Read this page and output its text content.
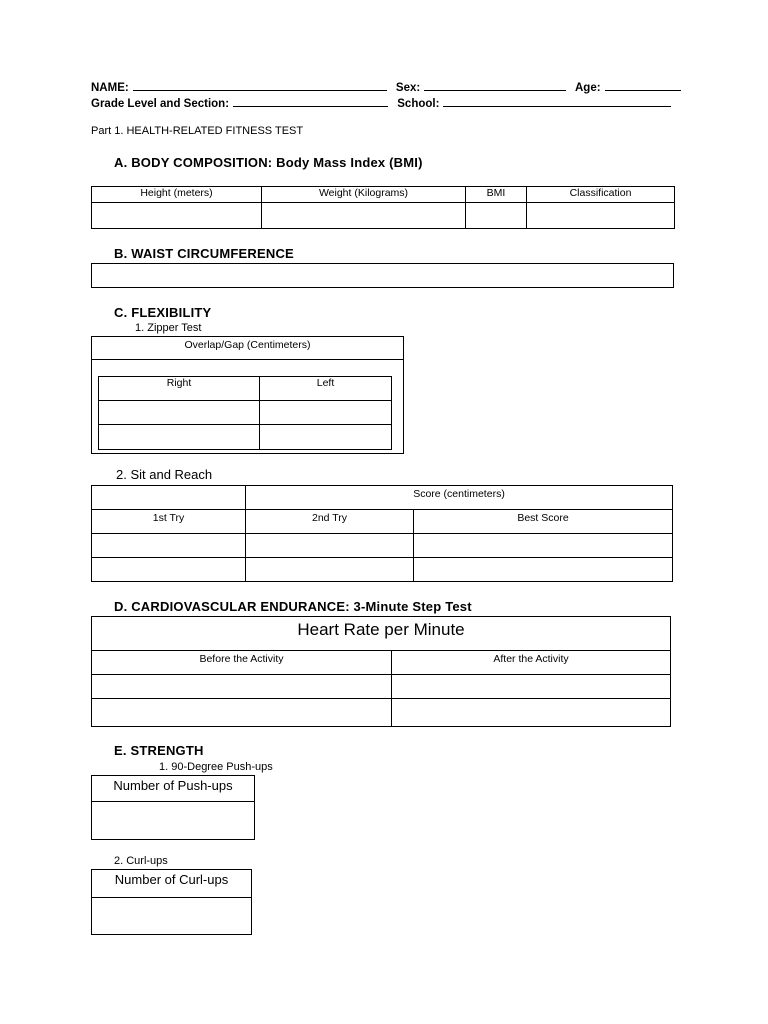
NAME:	Sex:	Age:
Grade Level and Section:	School:
Part 1. HEALTH-RELATED FITNESS TEST
A. BODY COMPOSITION: Body Mass Index (BMI)
Height (meters)	Weight (Kilograms)	BMI	Classification

B. WAIST CIRCUMFERENCE
C. FLEXIBILITY
1. Zipper Test
Overlap/Gap (Centimeters)
Right	Left

2. Sit and Reach

	Score (centimeters)	

1st Try	2nd Try	Best Score

D. CARDIOVASCULAR ENDURANCE: 3-Minute Step Test
Heart Rate per Minute	

Before the Activity	After the Activity

E. STRENGTH
1. 90-Degree Push-ups
Number of Push-ups

2. Curl-ups
Number of Curl-ups
